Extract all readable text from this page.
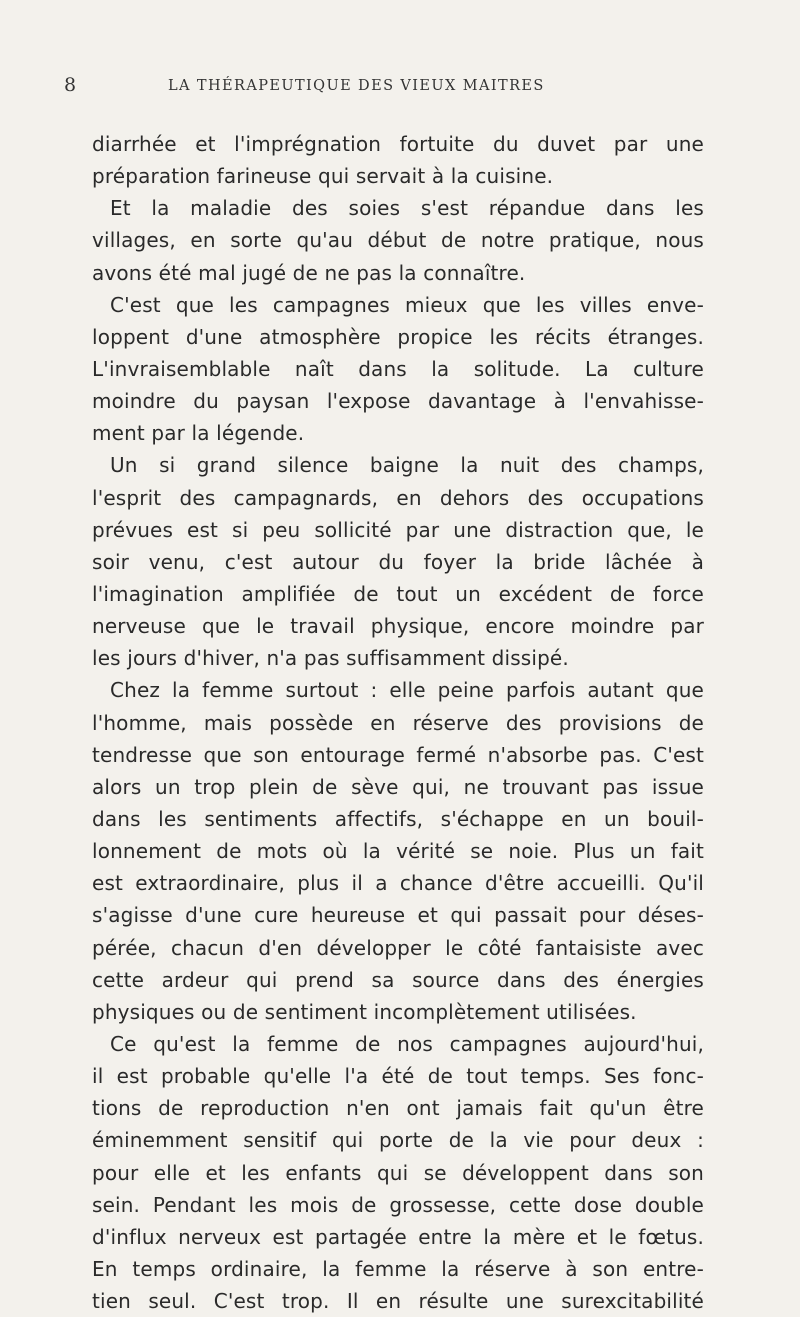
8	LA THÉRAPEUTIQUE DES VIEUX MAITRES
diarrhée et l'imprégnation fortuite du duvet par une
préparation farineuse qui servait à la cuisine.
Et la maladie des soies s'est répandue dans les
villages, en sorte qu'au début de notre pratique, nous
avons été mal jugé de ne pas la connaître.
C'est que les campagnes mieux que les villes enve-
loppent d'une atmosphère propice les récits étranges.
L'invraisemblable naît dans la solitude. La culture
moindre du paysan l'expose davantage à l'envahisse-
ment par la légende.
Un si grand silence baigne la nuit des champs,
l'esprit des campagnards, en dehors des occupations
prévues est si peu sollicité par une distraction que, le
soir venu, c'est autour du foyer la bride lâchée à
l'imagination amplifiée de tout un excédent de force
nerveuse que le travail physique, encore moindre par
les jours d'hiver, n'a pas suffisamment dissipé.
Chez la femme surtout : elle peine parfois autant que
l'homme, mais possède en réserve des provisions de
tendresse que son entourage fermé n'absorbe pas. C'est
alors un trop plein de sève qui, ne trouvant pas issue
dans les sentiments affectifs, s'échappe en un bouil-
lonnement de mots où la vérité se noie. Plus un fait
est extraordinaire, plus il a chance d'être accueilli. Qu'il
s'agisse d'une cure heureuse et qui passait pour déses-
pérée, chacun d'en développer le côté fantaisiste avec
cette ardeur qui prend sa source dans des énergies
physiques ou de sentiment incomplètement utilisées.
Ce qu'est la femme de nos campagnes aujourd'hui,
il est probable qu'elle l'a été de tout temps. Ses fonc-
tions de reproduction n'en ont jamais fait qu'un être
éminemment sensitif qui porte de la vie pour deux :
pour elle et les enfants qui se développent dans son
sein. Pendant les mois de grossesse, cette dose double
d'influx nerveux est partagée entre la mère et le fœtus.
En temps ordinaire, la femme la réserve à son entre-
tien seul. C'est trop. Il en résulte une surexcitabilité
